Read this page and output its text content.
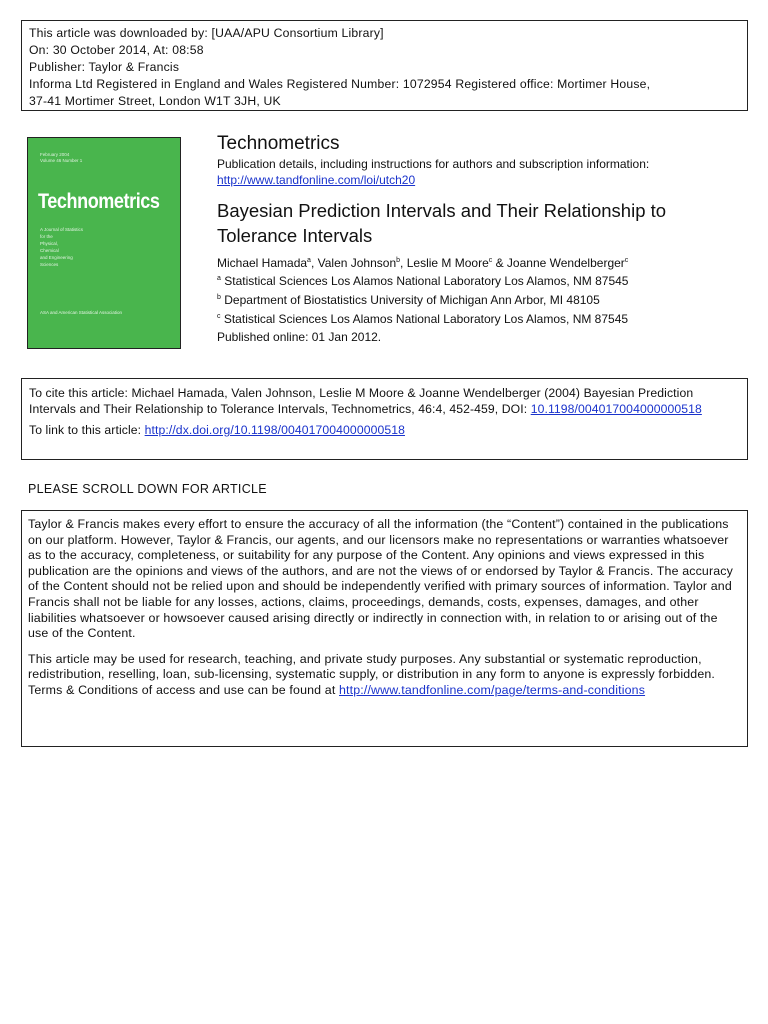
This article was downloaded by: [UAA/APU Consortium Library]
On: 30 October 2014, At: 08:58
Publisher: Taylor & Francis
Informa Ltd Registered in England and Wales Registered Number: 1072954 Registered office: Mortimer House,
37-41 Mortimer Street, London W1T 3JH, UK
February 2004
Volume 46 Number 1
Technometrics
A Journal of Statistics
for the
Physical,
Chemical
and Engineering
Sciences
ASA and American Statistical Association
Technometrics
Publication details, including instructions for authors and subscription information:
http://www.tandfonline.com/loi/utch20
Bayesian Prediction Intervals and Their Relationship to Tolerance Intervals
Michael Hamada$^a$, Valen Johnson$^b$, Leslie M Moore$^c$ & Joanne Wendelberger$^c$
$^a$ Statistical Sciences Los Alamos National Laboratory Los Alamos, NM 87545
$^b$ Department of Biostatistics University of Michigan Ann Arbor, MI 48105
$^c$ Statistical Sciences Los Alamos National Laboratory Los Alamos, NM 87545
Published online: 01 Jan 2012.

To cite this article: Michael Hamada, Valen Johnson, Leslie M Moore & Joanne Wendelberger (2004) Bayesian Prediction
Intervals and Their Relationship to Tolerance Intervals, Technometrics, 46:4, 452-459, DOI: 10.1198/004017004000000518

To link to this article: http://dx.doi.org/10.1198/004017004000000518

PLEASE SCROLL DOWN FOR ARTICLE

Taylor & Francis makes every effort to ensure the accuracy of all the information (the “Content”) contained in the publications on our platform. However, Taylor & Francis, our agents, and our licensors make no representations or warranties whatsoever as to the accuracy, completeness, or suitability for any purpose of the Content. Any opinions and views expressed in this publication are the opinions and views of the authors, and are not the views of or endorsed by Taylor & Francis. The accuracy of the Content should not be relied upon and should be independently verified with primary sources of information. Taylor and Francis shall not be liable for any losses, actions, claims, proceedings, demands, costs, expenses, damages, and other liabilities whatsoever or howsoever caused arising directly or indirectly in connection with, in relation to or arising out of the use of the Content.

This article may be used for research, teaching, and private study purposes. Any substantial or systematic reproduction, redistribution, reselling, loan, sub-licensing, systematic supply, or distribution in any form to anyone is expressly forbidden. Terms & Conditions of access and use can be found at http://www.tandfonline.com/page/terms-and-conditions
